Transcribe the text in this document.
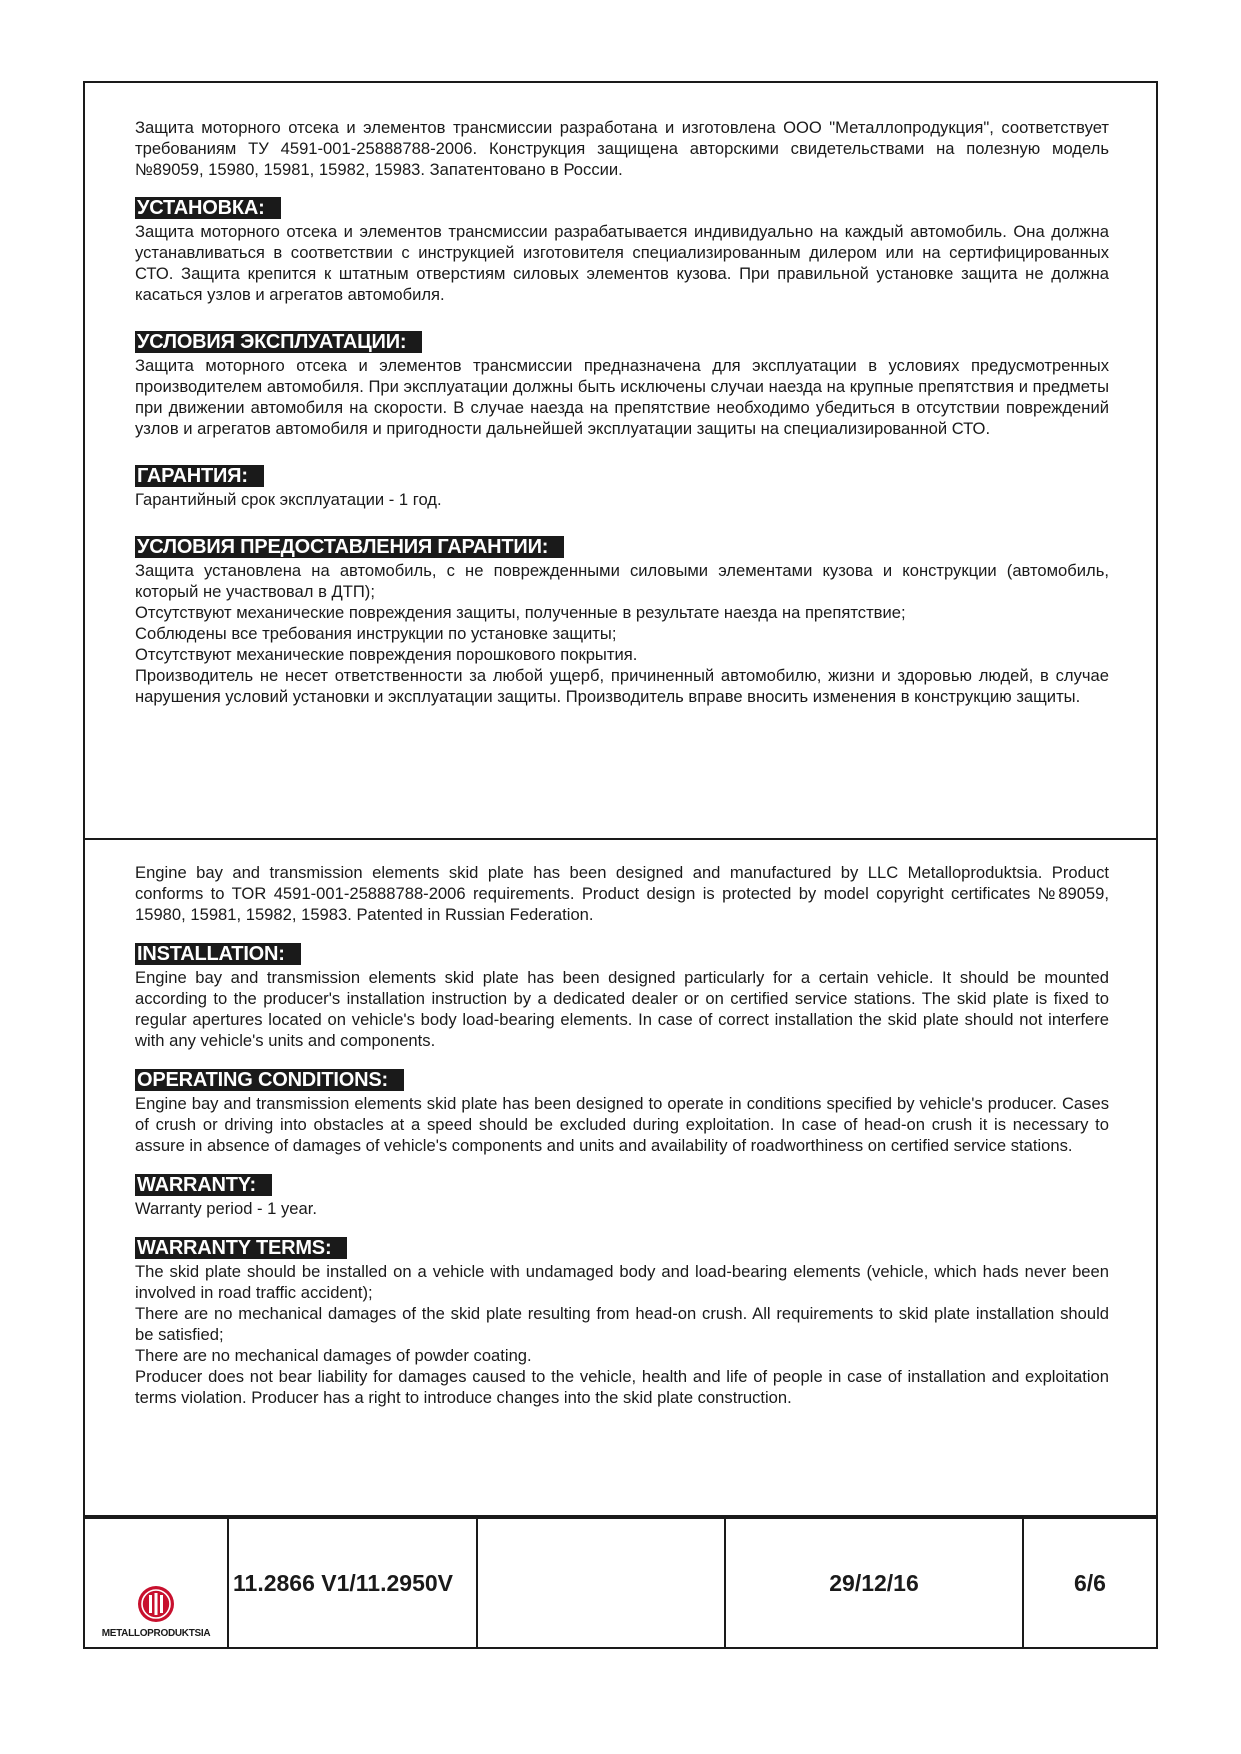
Защита моторного отсека и элементов трансмиссии разработана и изготовлена ООО "Металлопродукция", соответствует требованиям ТУ 4591-001-25888788-2006. Конструкция защищена авторскими свидетельствами на полезную модель №89059, 15980, 15981, 15982, 15983. Запатентовано в России.

УСТАНОВКА:

Защита моторного отсека и элементов трансмиссии разрабатывается индивидуально на каждый автомобиль. Она должна устанавливаться в соответствии с инструкцией изготовителя специализированным дилером или на сертифицированных СТО. Защита крепится к штатным отверстиям силовых элементов кузова. При правильной установке защита не должна касаться узлов и агрегатов автомобиля.

УСЛОВИЯ ЭКСПЛУАТАЦИИ:

Защита моторного отсека и элементов трансмиссии предназначена для эксплуатации в условиях предусмотренных производителем автомобиля. При эксплуатации должны быть исключены случаи наезда на крупные препятствия и предметы при движении автомобиля на скорости. В случае наезда на препятствие необходимо убедиться в отсутствии повреждений узлов и агрегатов автомобиля и пригодности дальнейшей эксплуатации защиты на специализированной СТО.

ГАРАНТИЯ:

Гарантийный срок эксплуатации - 1 год.

УСЛОВИЯ ПРЕДОСТАВЛЕНИЯ ГАРАНТИИ:

Защита установлена на автомобиль, с не поврежденными силовыми элементами кузова и конструкции (автомобиль, который не участвовал в ДТП);

Отсутствуют механические повреждения защиты, полученные в результате наезда на препятствие;

Соблюдены все требования инструкции по установке защиты;

Отсутствуют механические повреждения порошкового покрытия.

Производитель не несет ответственности за любой ущерб, причиненный автомобилю, жизни и здоровью людей, в случае нарушения условий установки и эксплуатации защиты. Производитель вправе вносить изменения в конструкцию защиты.

Engine bay and transmission elements skid plate has been designed and manufactured by LLC Metalloproduktsia. Product conforms to TOR 4591-001-25888788-2006 requirements. Product design is protected by model copyright certificates №89059, 15980, 15981, 15982, 15983. Patented in Russian Federation.

INSTALLATION:

Engine bay and transmission elements skid plate has been designed particularly for a certain vehicle. It should be mounted according to the producer's installation instruction by a dedicated dealer or on certified service stations. The skid plate is fixed to regular apertures located on vehicle's body load-bearing elements. In case of correct installation the skid plate should not interfere with any vehicle's units and components.

OPERATING CONDITIONS:

Engine bay and transmission elements skid plate has been designed to operate in conditions specified by vehicle's producer. Cases of crush or driving into obstacles at a speed should be excluded during exploitation. In case of head-on crush it is necessary to assure in absence of damages of vehicle's components and units and availability of roadworthiness on certified service stations.

WARRANTY:

Warranty period - 1 year.

WARRANTY TERMS:

The skid plate should be installed on a vehicle with undamaged body and load-bearing elements (vehicle, which hads never been involved in road traffic accident);

There are no mechanical damages of the skid plate resulting from head-on crush. All requirements to skid plate installation should be satisfied;

There are no mechanical damages of powder coating.

Producer does not bear liability for damages caused to the vehicle, health and life of people in case of installation and exploitation terms violation. Producer has a right to introduce changes into the skid plate construction.

METALLOPRODUKTSIA
11.2866 V1/11.2950V	29/12/16	6/6
